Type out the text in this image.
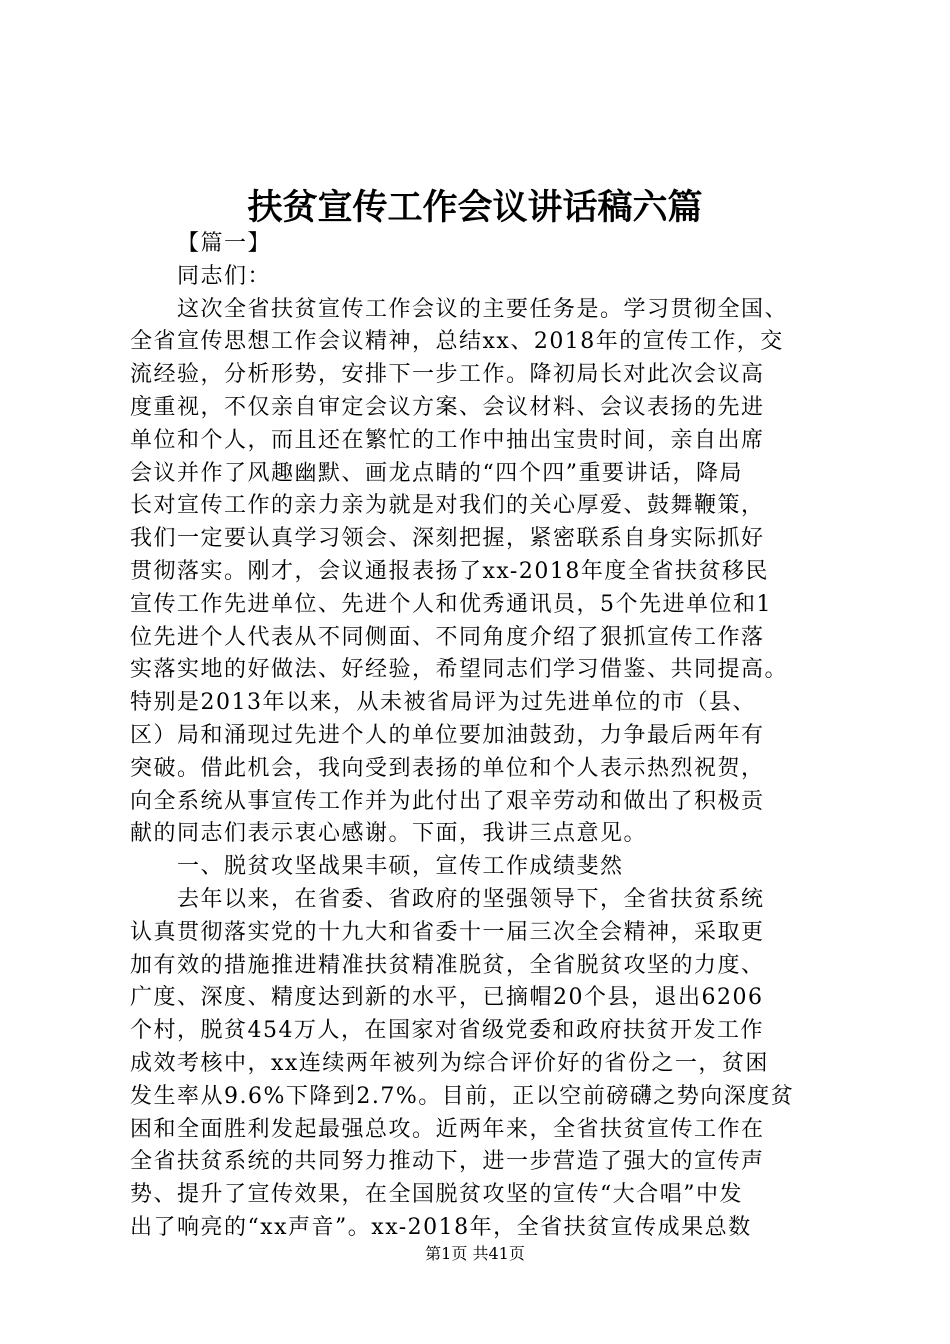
扶贫宣传工作会议讲话稿六篇
【篇一】
同志们：
这次全省扶贫宣传工作会议的主要任务是。学习贯彻全国、
全省宣传思想工作会议精神，总结xx、2018年的宣传工作，交
流经验，分析形势，安排下一步工作。降初局长对此次会议高
度重视，不仅亲自审定会议方案、会议材料、会议表扬的先进
单位和个人，而且还在繁忙的工作中抽出宝贵时间，亲自出席
会议并作了风趣幽默、画龙点睛的“四个四”重要讲话，降局
长对宣传工作的亲力亲为就是对我们的关心厚爱、鼓舞鞭策，
我们一定要认真学习领会、深刻把握，紧密联系自身实际抓好
贯彻落实。刚才，会议通报表扬了xx-2018年度全省扶贫移民
宣传工作先进单位、先进个人和优秀通讯员，5个先进单位和1
位先进个人代表从不同侧面、不同角度介绍了狠抓宣传工作落
实落实地的好做法、好经验，希望同志们学习借鉴、共同提高。
特别是2013年以来，从未被省局评为过先进单位的市（县、
区）局和涌现过先进个人的单位要加油鼓劲，力争最后两年有
突破。借此机会，我向受到表扬的单位和个人表示热烈祝贺，
向全系统从事宣传工作并为此付出了艰辛劳动和做出了积极贡
献的同志们表示衷心感谢。下面，我讲三点意见。
一、脱贫攻坚战果丰硕，宣传工作成绩斐然
去年以来，在省委、省政府的坚强领导下，全省扶贫系统
认真贯彻落实党的十九大和省委十一届三次全会精神，采取更
加有效的措施推进精准扶贫精准脱贫，全省脱贫攻坚的力度、
广度、深度、精度达到新的水平，已摘帽20个县，退出6206
个村，脱贫454万人，在国家对省级党委和政府扶贫开发工作
成效考核中，xx连续两年被列为综合评价好的省份之一，贫困
发生率从9.6%下降到2.7%。目前，正以空前磅礴之势向深度贫
困和全面胜利发起最强总攻。近两年来，全省扶贫宣传工作在
全省扶贫系统的共同努力推动下，进一步营造了强大的宣传声
势、提升了宣传效果，在全国脱贫攻坚的宣传“大合唱”中发
出了响亮的“xx声音”。xx-2018年，全省扶贫宣传成果总数
第1页 共41页
